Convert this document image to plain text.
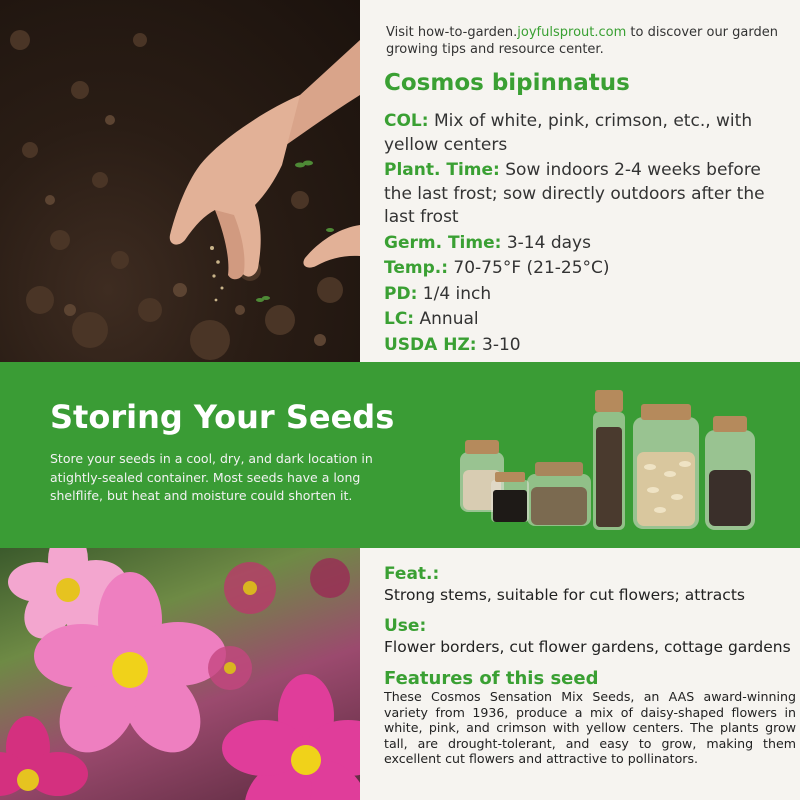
Visit how-to-garden.joyfulsprout.com to discover our garden growing tips and resource center.
Cosmos bipinnatus
COL: Mix of white, pink, crimson, etc., with yellow centers
Plant. Time: Sow indoors 2-4 weeks before the last frost; sow directly outdoors after the last frost
Germ. Time: 3-14 days
Temp.: 70-75°F (21-25°C)
PD: 1/4 inch
LC: Annual
USDA HZ: 3-10
Storing Your Seeds
Store your seeds in a cool, dry, and dark location in atightly-sealed container. Most seeds have a long shelflife, but heat and moisture could shorten it.
Feat.:
Strong stems, suitable for cut flowers; attracts
Use:
Flower borders, cut flower gardens, cottage gardens
Features of this seed
These Cosmos Sensation Mix Seeds, an AAS award-winning variety from 1936, produce a mix of daisy-shaped flowers in white, pink, and crimson with yellow centers. The plants grow tall, are drought-tolerant, and easy to grow, making them excellent cut flowers and attractive to pollinators.
